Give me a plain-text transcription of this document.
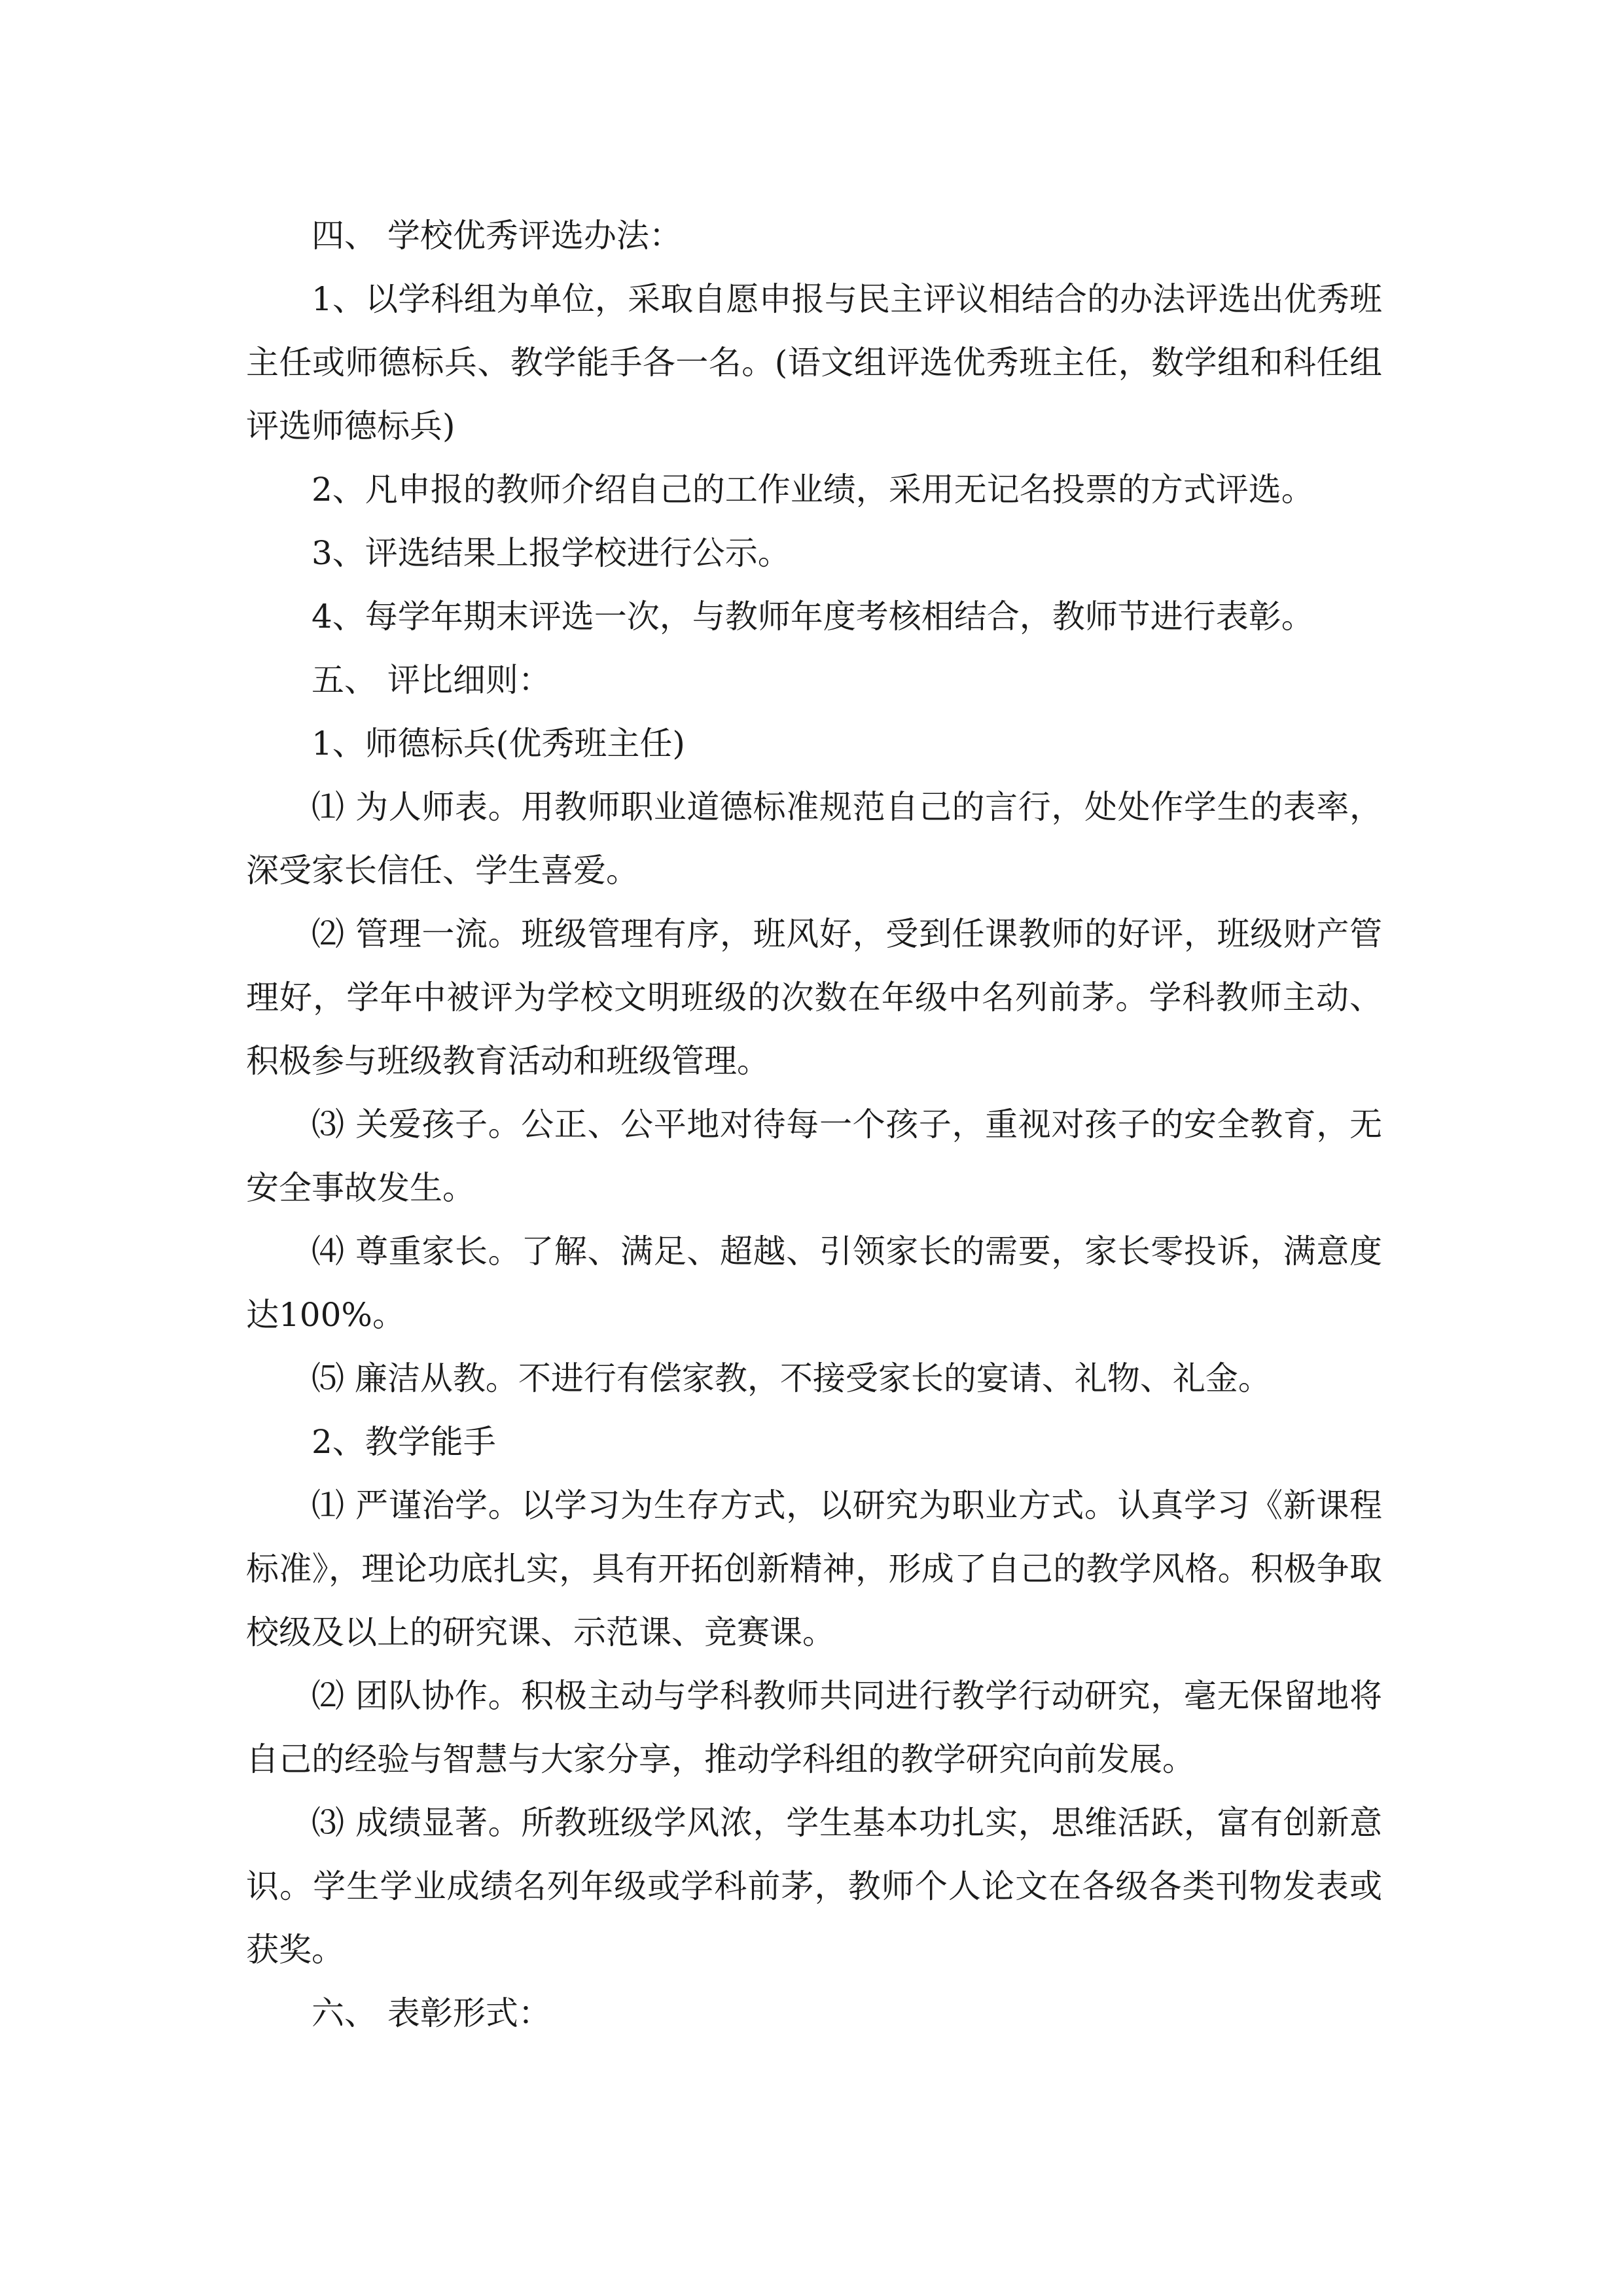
四、 学校优秀评选办法：

1、以学科组为单位，采取自愿申报与民主评议相结合的办法评选出优秀班主任或师德标兵、教学能手各一名。(语文组评选优秀班主任，数学组和科任组评选师德标兵)

2、凡申报的教师介绍自己的工作业绩，采用无记名投票的方式评选。

3、评选结果上报学校进行公示。

4、每学年期末评选一次，与教师年度考核相结合，教师节进行表彰。

五、 评比细则：

1、师德标兵(优秀班主任)

⑴ 为人师表。用教师职业道德标准规范自己的言行，处处作学生的表率，深受家长信任、学生喜爱。

⑵ 管理一流。班级管理有序，班风好，受到任课教师的好评，班级财产管理好，学年中被评为学校文明班级的次数在年级中名列前茅。学科教师主动、积极参与班级教育活动和班级管理。

⑶ 关爱孩子。公正、公平地对待每一个孩子，重视对孩子的安全教育，无安全事故发生。

⑷ 尊重家长。了解、满足、超越、引领家长的需要，家长零投诉，满意度达100%。

⑸ 廉洁从教。不进行有偿家教，不接受家长的宴请、礼物、礼金。

2、教学能手

⑴ 严谨治学。以学习为生存方式，以研究为职业方式。认真学习《新课程标准》，理论功底扎实，具有开拓创新精神，形成了自己的教学风格。积极争取校级及以上的研究课、示范课、竞赛课。

⑵ 团队协作。积极主动与学科教师共同进行教学行动研究，毫无保留地将自己的经验与智慧与大家分享，推动学科组的教学研究向前发展。

⑶ 成绩显著。所教班级学风浓，学生基本功扎实，思维活跃，富有创新意识。学生学业成绩名列年级或学科前茅，教师个人论文在各级各类刊物发表或获奖。

六、 表彰形式：
